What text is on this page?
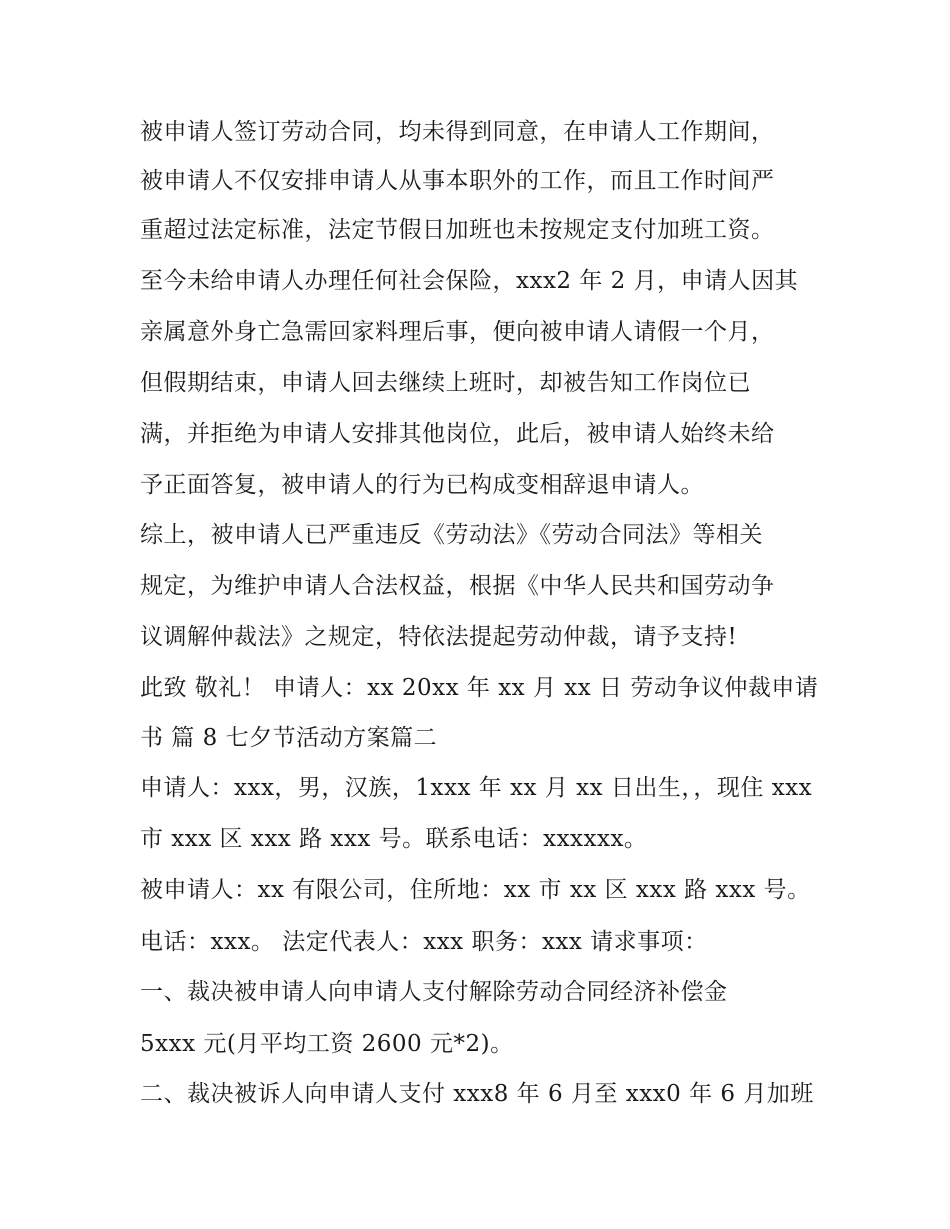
被申请人签订劳动合同，均未得到同意，在申请人工作期间，
被申请人不仅安排申请人从事本职外的工作，而且工作时间严
重超过法定标准，法定节假日加班也未按规定支付加班工资。
至今未给申请人办理任何社会保险，xxx2 年 2 月，申请人因其
亲属意外身亡急需回家料理后事，便向被申请人请假一个月，
但假期结束，申请人回去继续上班时，却被告知工作岗位已
满，并拒绝为申请人安排其他岗位，此后，被申请人始终未给
予正面答复，被申请人的行为已构成变相辞退申请人。
综上，被申请人已严重违反《劳动法》《劳动合同法》等相关
规定，为维护申请人合法权益，根据《中华人民共和国劳动争
议调解仲裁法》之规定，特依法提起劳动仲裁，请予支持!
此致 敬礼！ 申请人：xx 20xx 年 xx 月 xx 日 劳动争议仲裁申请
书 篇 8 七夕节活动方案篇二
申请人：xxx，男，汉族，1xxx 年 xx 月 xx 日出生，，现住 xxx
市 xxx 区 xxx 路 xxx 号。联系电话：xxxxxx。
被申请人：xx 有限公司，住所地：xx 市 xx 区 xxx 路 xxx 号。
电话：xxx。 法定代表人：xxx 职务：xxx 请求事项：
一、裁决被申请人向申请人支付解除劳动合同经济补偿金
5xxx 元(月平均工资 2600 元*2)。
二、裁决被诉人向申请人支付 xxx8 年 6 月至 xxx0 年 6 月加班
